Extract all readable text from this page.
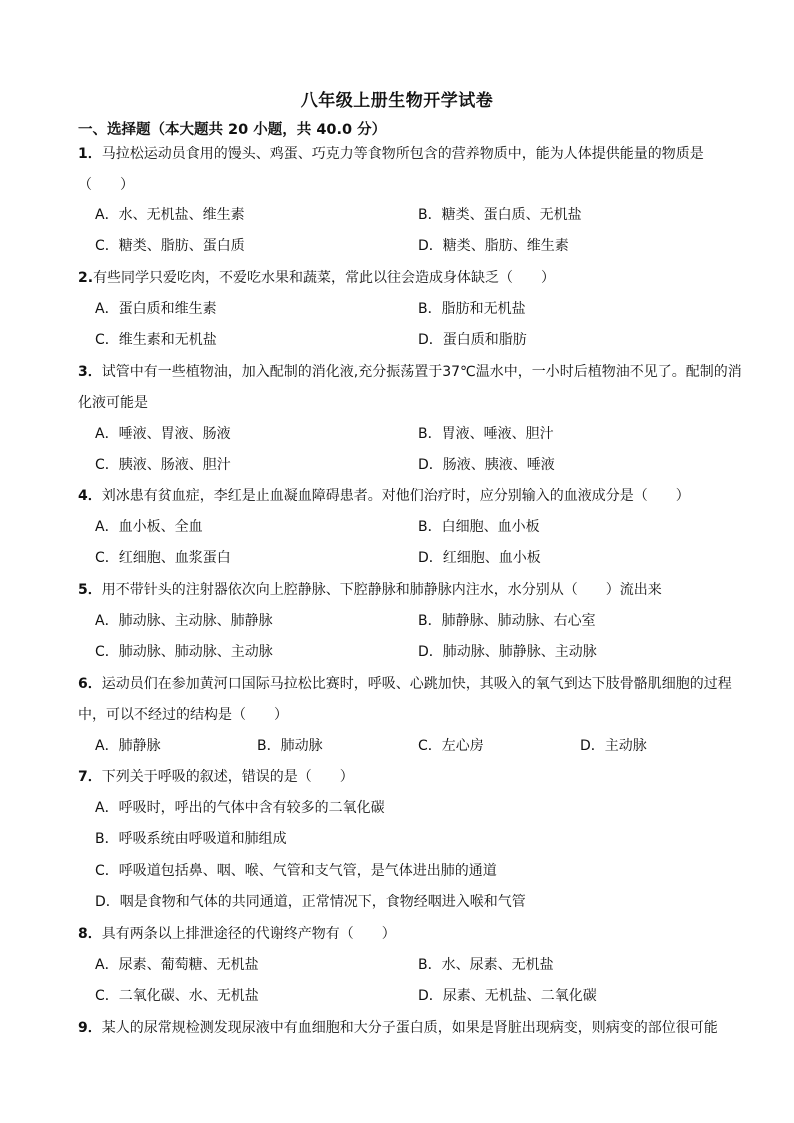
八年级上册生物开学试卷
一、选择题（本大题共 20 小题，共 40.0 分）
1．马拉松运动员食用的馒头、鸡蛋、巧克力等食物所包含的营养物质中，能为人体提供能量的物质是（　　）
A．水、无机盐、维生素	B．糖类、蛋白质、无机盐
C．糖类、脂肪、蛋白质	D．糖类、脂肪、维生素
2.有些同学只爱吃肉，不爱吃水果和蔬菜，常此以往会造成身体缺乏（　　）
A．蛋白质和维生素	B．脂肪和无机盐
C．维生素和无机盐	D．蛋白质和脂肪
3．试管中有一些植物油，加入配制的消化液,充分振荡置于37℃温水中，一小时后植物油不见了。配制的消化液可能是
A．唾液、胃液、肠液	B．胃液、唾液、胆汁
C．胰液、肠液、胆汁	D．肠液、胰液、唾液
4．刘冰患有贫血症，李红是止血凝血障碍患者。对他们治疗时，应分别输入的血液成分是（　　）
A．血小板、全血	B．白细胞、血小板
C．红细胞、血浆蛋白	D．红细胞、血小板
5．用不带针头的注射器依次向上腔静脉、下腔静脉和肺静脉内注水，水分别从（　　）流出来
A．肺动脉、主动脉、肺静脉	B．肺静脉、肺动脉、右心室
C．肺动脉、肺动脉、主动脉	D．肺动脉、肺静脉、主动脉
6．运动员们在参加黄河口国际马拉松比赛时，呼吸、心跳加快，其吸入的氧气到达下肢骨骼肌细胞的过程中，可以不经过的结构是（　　）
A．肺静脉	B．肺动脉	C．左心房	D．主动脉
7．下列关于呼吸的叙述，错误的是（　　）
A．呼吸时，呼出的气体中含有较多的二氧化碳
B．呼吸系统由呼吸道和肺组成
C．呼吸道包括鼻、咽、喉、气管和支气管，是气体进出肺的通道
D．咽是食物和气体的共同通道，正常情况下，食物经咽进入喉和气管
8．具有两条以上排泄途径的代谢终产物有（　　）
A．尿素、葡萄糖、无机盐	B．水、尿素、无机盐
C．二氧化碳、水、无机盐	D．尿素、无机盐、二氧化碳
9．某人的尿常规检测发现尿液中有血细胞和大分子蛋白质，如果是肾脏出现病变，则病变的部位很可能
